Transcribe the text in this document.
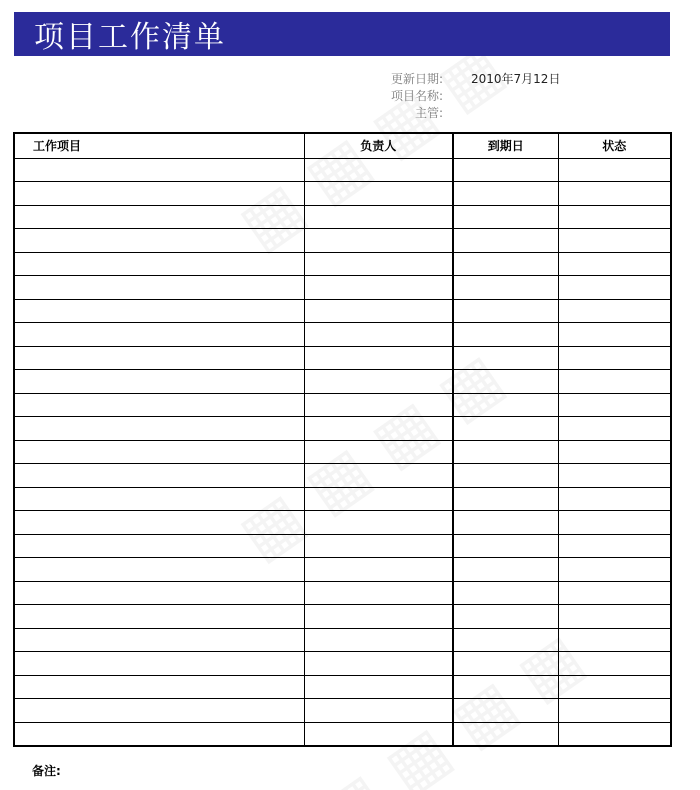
项目工作清单
更新日期:	2010年7月12日
项目名称:
主管:
工作项目	负责人	到期日	状态

备注:
